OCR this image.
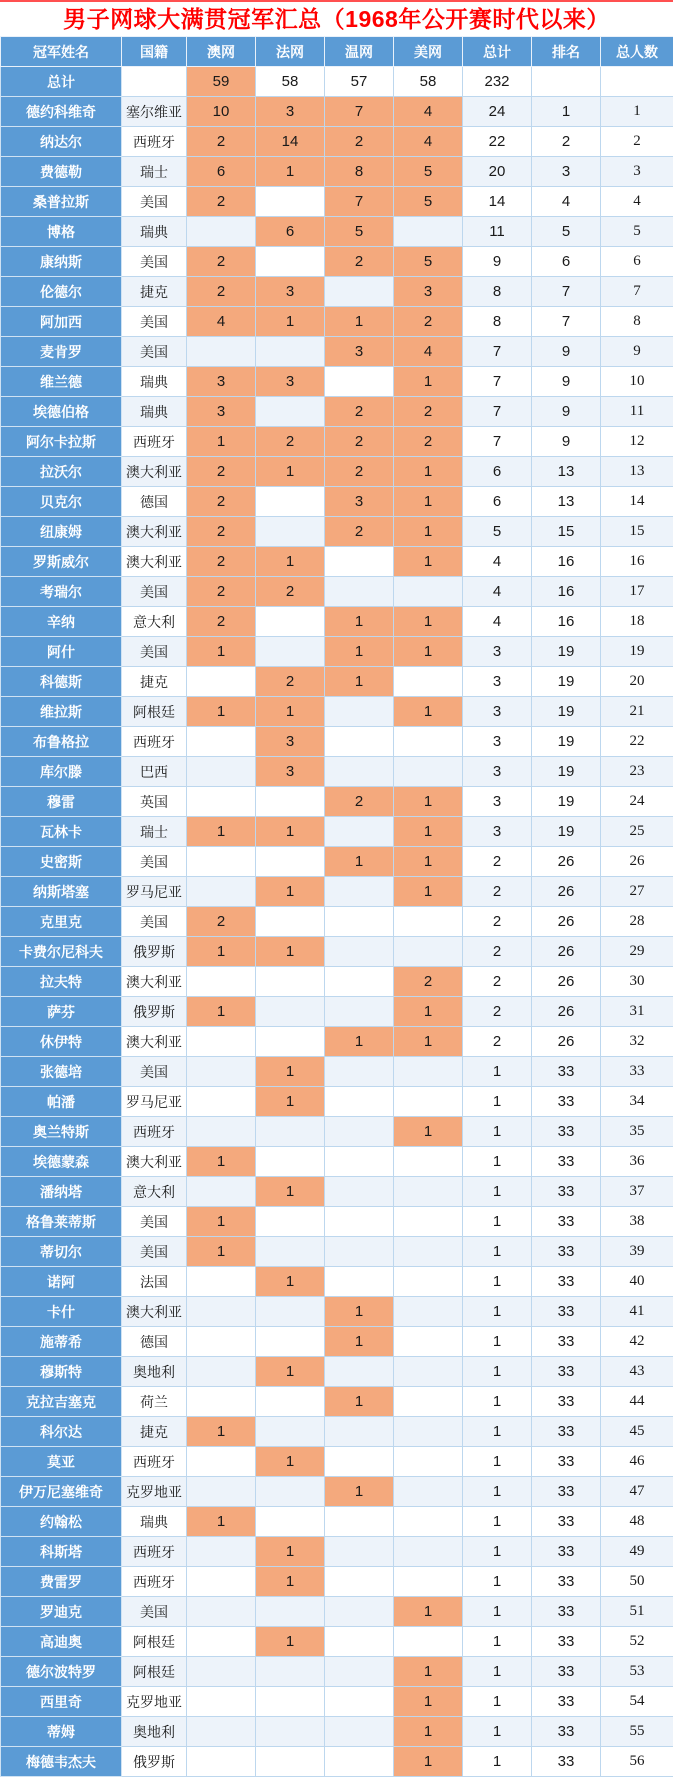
男子网球大满贯冠军汇总（1968年公开赛时代以来）
冠军姓名	国籍	澳网	法网	温网	美网	总计	排名	总人数
总计		59	58	57	58	232		
德约科维奇	塞尔维亚	10	3	7	4	24	1	1
纳达尔	西班牙	2	14	2	4	22	2	2
费德勒	瑞士	6	1	8	5	20	3	3
桑普拉斯	美国	2		7	5	14	4	4
博格	瑞典		6	5		11	5	5
康纳斯	美国	2		2	5	9	6	6
伦德尔	捷克	2	3		3	8	7	7
阿加西	美国	4	1	1	2	8	7	8
麦肯罗	美国			3	4	7	9	9
维兰德	瑞典	3	3		1	7	9	10
埃德伯格	瑞典	3		2	2	7	9	11
阿尔卡拉斯	西班牙	1	2	2	2	7	9	12
拉沃尔	澳大利亚	2	1	2	1	6	13	13
贝克尔	德国	2		3	1	6	13	14
纽康姆	澳大利亚	2		2	1	5	15	15
罗斯威尔	澳大利亚	2	1		1	4	16	16
考瑞尔	美国	2	2			4	16	17
辛纳	意大利	2		1	1	4	16	18
阿什	美国	1		1	1	3	19	19
科德斯	捷克		2	1		3	19	20
维拉斯	阿根廷	1	1		1	3	19	21
布鲁格拉	西班牙		3			3	19	22
库尔滕	巴西		3			3	19	23
穆雷	英国			2	1	3	19	24
瓦林卡	瑞士	1	1		1	3	19	25
史密斯	美国			1	1	2	26	26
纳斯塔塞	罗马尼亚		1		1	2	26	27
克里克	美国	2				2	26	28
卡费尔尼科夫	俄罗斯	1	1			2	26	29
拉夫特	澳大利亚				2	2	26	30
萨芬	俄罗斯	1			1	2	26	31
休伊特	澳大利亚			1	1	2	26	32
张德培	美国		1			1	33	33
帕潘	罗马尼亚		1			1	33	34
奥兰特斯	西班牙				1	1	33	35
埃德蒙森	澳大利亚	1				1	33	36
潘纳塔	意大利		1			1	33	37
格鲁莱蒂斯	美国	1				1	33	38
蒂切尔	美国	1				1	33	39
诺阿	法国		1			1	33	40
卡什	澳大利亚			1		1	33	41
施蒂希	德国			1		1	33	42
穆斯特	奥地利		1			1	33	43
克拉吉塞克	荷兰			1		1	33	44
科尔达	捷克	1				1	33	45
莫亚	西班牙		1			1	33	46
伊万尼塞维奇	克罗地亚			1		1	33	47
约翰松	瑞典	1				1	33	48
科斯塔	西班牙		1			1	33	49
费雷罗	西班牙		1			1	33	50
罗迪克	美国				1	1	33	51
高迪奥	阿根廷		1			1	33	52
德尔波特罗	阿根廷				1	1	33	53
西里奇	克罗地亚				1	1	33	54
蒂姆	奥地利				1	1	33	55
梅德韦杰夫	俄罗斯				1	1	33	56
